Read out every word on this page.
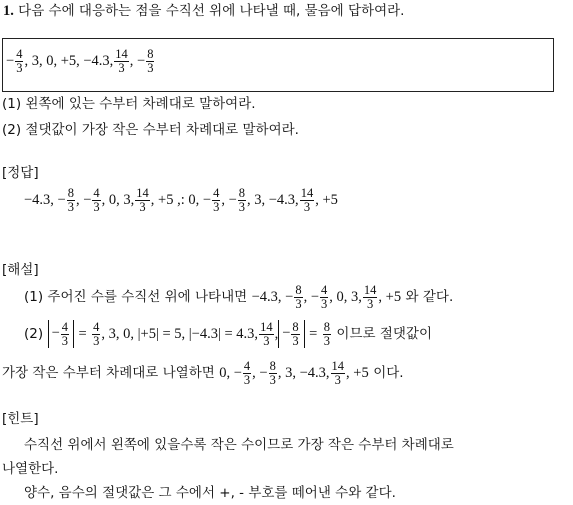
1. 다음 수에 대응하는 점을 수직선 위에 나타낼 때, 물음에 답하여라.
− $\frac{4}{3}$ , 3, 0, +5, −4.3, $\frac{14}{3}$ , − $\frac{8}{3}$
(1) 왼쪽에 있는 수부터 차례대로 말하여라.
(2) 절댓값이 가장 작은 수부터 차례대로 말하여라.
[정답]
−4.3, − $\frac{8}{3}$ , − $\frac{4}{3}$ , 0, 3, $\frac{14}{3}$ , +5 ,: 0, − $\frac{4}{3}$ , − $\frac{8}{3}$ , 3, −4.3, $\frac{14}{3}$ , +5
[해설]
(1) 주어진 수를 수직선 위에 나타내면 −4.3, − $\frac{8}{3}$ , − $\frac{4}{3}$ , 0, 3, $\frac{14}{3}$ , +5 와 같다.
$(2) - \frac{4}{3} = \frac{4}{3}$ , 3, 0, |+5| = 5, |−4.3| = 4.3, $\frac{14}{3}$ , − $\frac{8}{3} = \frac{8}{3}$ 이므로 절댓값이
가장 작은 수부터 차례대로 나열하면 0, − $\frac{4}{3}$ , − $\frac{8}{3}$ , 3, −4.3, $\frac{14}{3}$ , +5 이다.
[힌트]
수직선 위에서 왼쪽에 있을수록 작은 수이므로 가장 작은 수부터 차례대로
나열한다.
양수, 음수의 절댓값은 그 수에서 +, - 부호를 떼어낸 수와 같다.
